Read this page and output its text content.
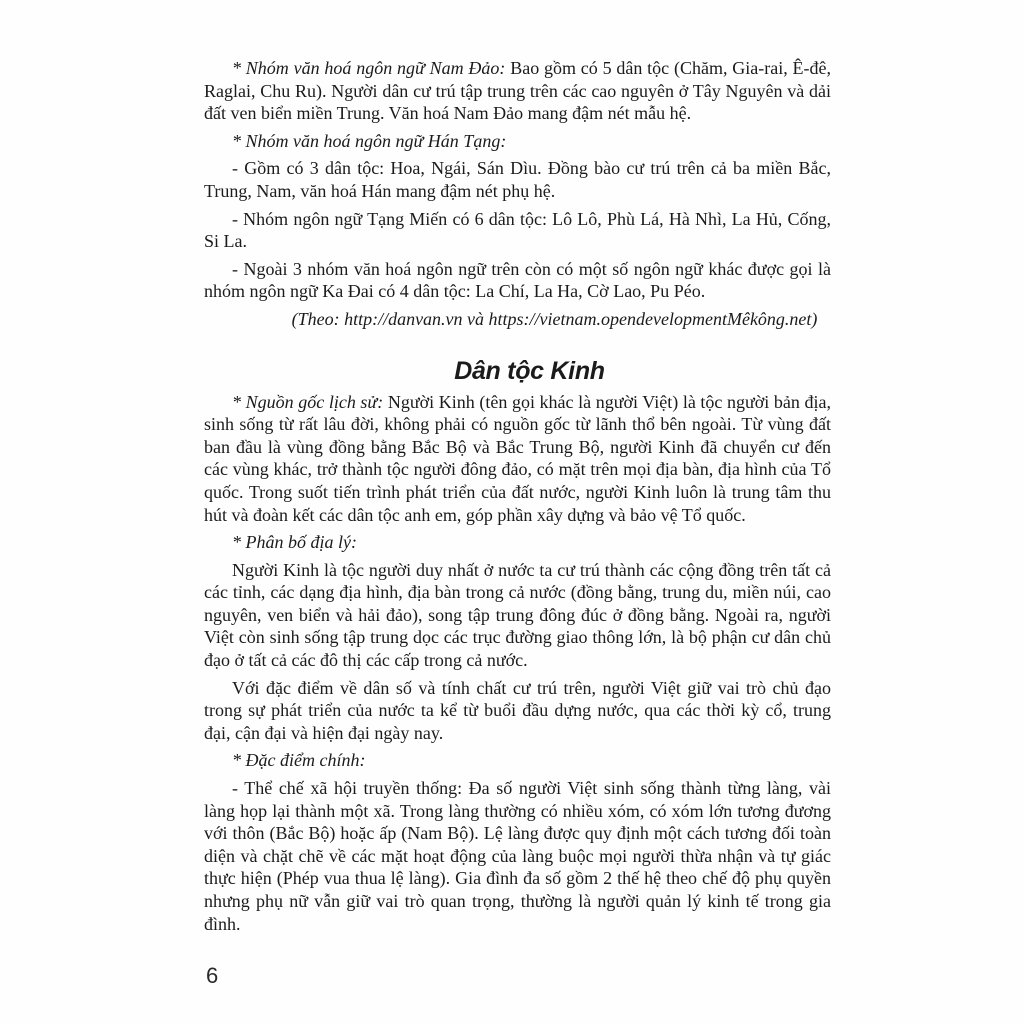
* Nhóm văn hoá ngôn ngữ Nam Đảo: Bao gồm có 5 dân tộc (Chăm, Gia-rai, Ê-đê, Raglai, Chu Ru). Người dân cư trú tập trung trên các cao nguyên ở Tây Nguyên và dải đất ven biển miền Trung. Văn hoá Nam Đảo mang đậm nét mẫu hệ.

* Nhóm văn hoá ngôn ngữ Hán Tạng:

- Gồm có 3 dân tộc: Hoa, Ngái, Sán Dìu. Đồng bào cư trú trên cả ba miền Bắc, Trung, Nam, văn hoá Hán mang đậm nét phụ hệ.

- Nhóm ngôn ngữ Tạng Miến có 6 dân tộc: Lô Lô, Phù Lá, Hà Nhì, La Hủ, Cống, Si La.

- Ngoài 3 nhóm văn hoá ngôn ngữ trên còn có một số ngôn ngữ khác được gọi là nhóm ngôn ngữ Ka Đai có 4 dân tộc: La Chí, La Ha, Cờ Lao, Pu Péo.

(Theo: http://danvan.vn và https://vietnam.opendevelopmentMêkông.net)
Dân tộc Kinh

* Nguồn gốc lịch sử: Người Kinh (tên gọi khác là người Việt) là tộc người bản địa, sinh sống từ rất lâu đời, không phải có nguồn gốc từ lãnh thổ bên ngoài. Từ vùng đất ban đầu là vùng đồng bằng Bắc Bộ và Bắc Trung Bộ, người Kinh đã chuyển cư đến các vùng khác, trở thành tộc người đông đảo, có mặt trên mọi địa bàn, địa hình của Tổ quốc. Trong suốt tiến trình phát triển của đất nước, người Kinh luôn là trung tâm thu hút và đoàn kết các dân tộc anh em, góp phần xây dựng và bảo vệ Tổ quốc.

* Phân bố địa lý:

Người Kinh là tộc người duy nhất ở nước ta cư trú thành các cộng đồng trên tất cả các tỉnh, các dạng địa hình, địa bàn trong cả nước (đồng bằng, trung du, miền núi, cao nguyên, ven biển và hải đảo), song tập trung đông đúc ở đồng bằng. Ngoài ra, người Việt còn sinh sống tập trung dọc các trục đường giao thông lớn, là bộ phận cư dân chủ đạo ở tất cả các đô thị các cấp trong cả nước.

Với đặc điểm về dân số và tính chất cư trú trên, người Việt giữ vai trò chủ đạo trong sự phát triển của nước ta kể từ buổi đầu dựng nước, qua các thời kỳ cổ, trung đại, cận đại và hiện đại ngày nay.

* Đặc điểm chính:

- Thể chế xã hội truyền thống: Đa số người Việt sinh sống thành từng làng, vài làng họp lại thành một xã. Trong làng thường có nhiều xóm, có xóm lớn tương đương với thôn (Bắc Bộ) hoặc ấp (Nam Bộ). Lệ làng được quy định một cách tương đối toàn diện và chặt chẽ về các mặt hoạt động của làng buộc mọi người thừa nhận và tự giác thực hiện (Phép vua thua lệ làng). Gia đình đa số gồm 2 thế hệ theo chế độ phụ quyền nhưng phụ nữ vẫn giữ vai trò quan trọng, thường là người quản lý kinh tế trong gia đình.

6
